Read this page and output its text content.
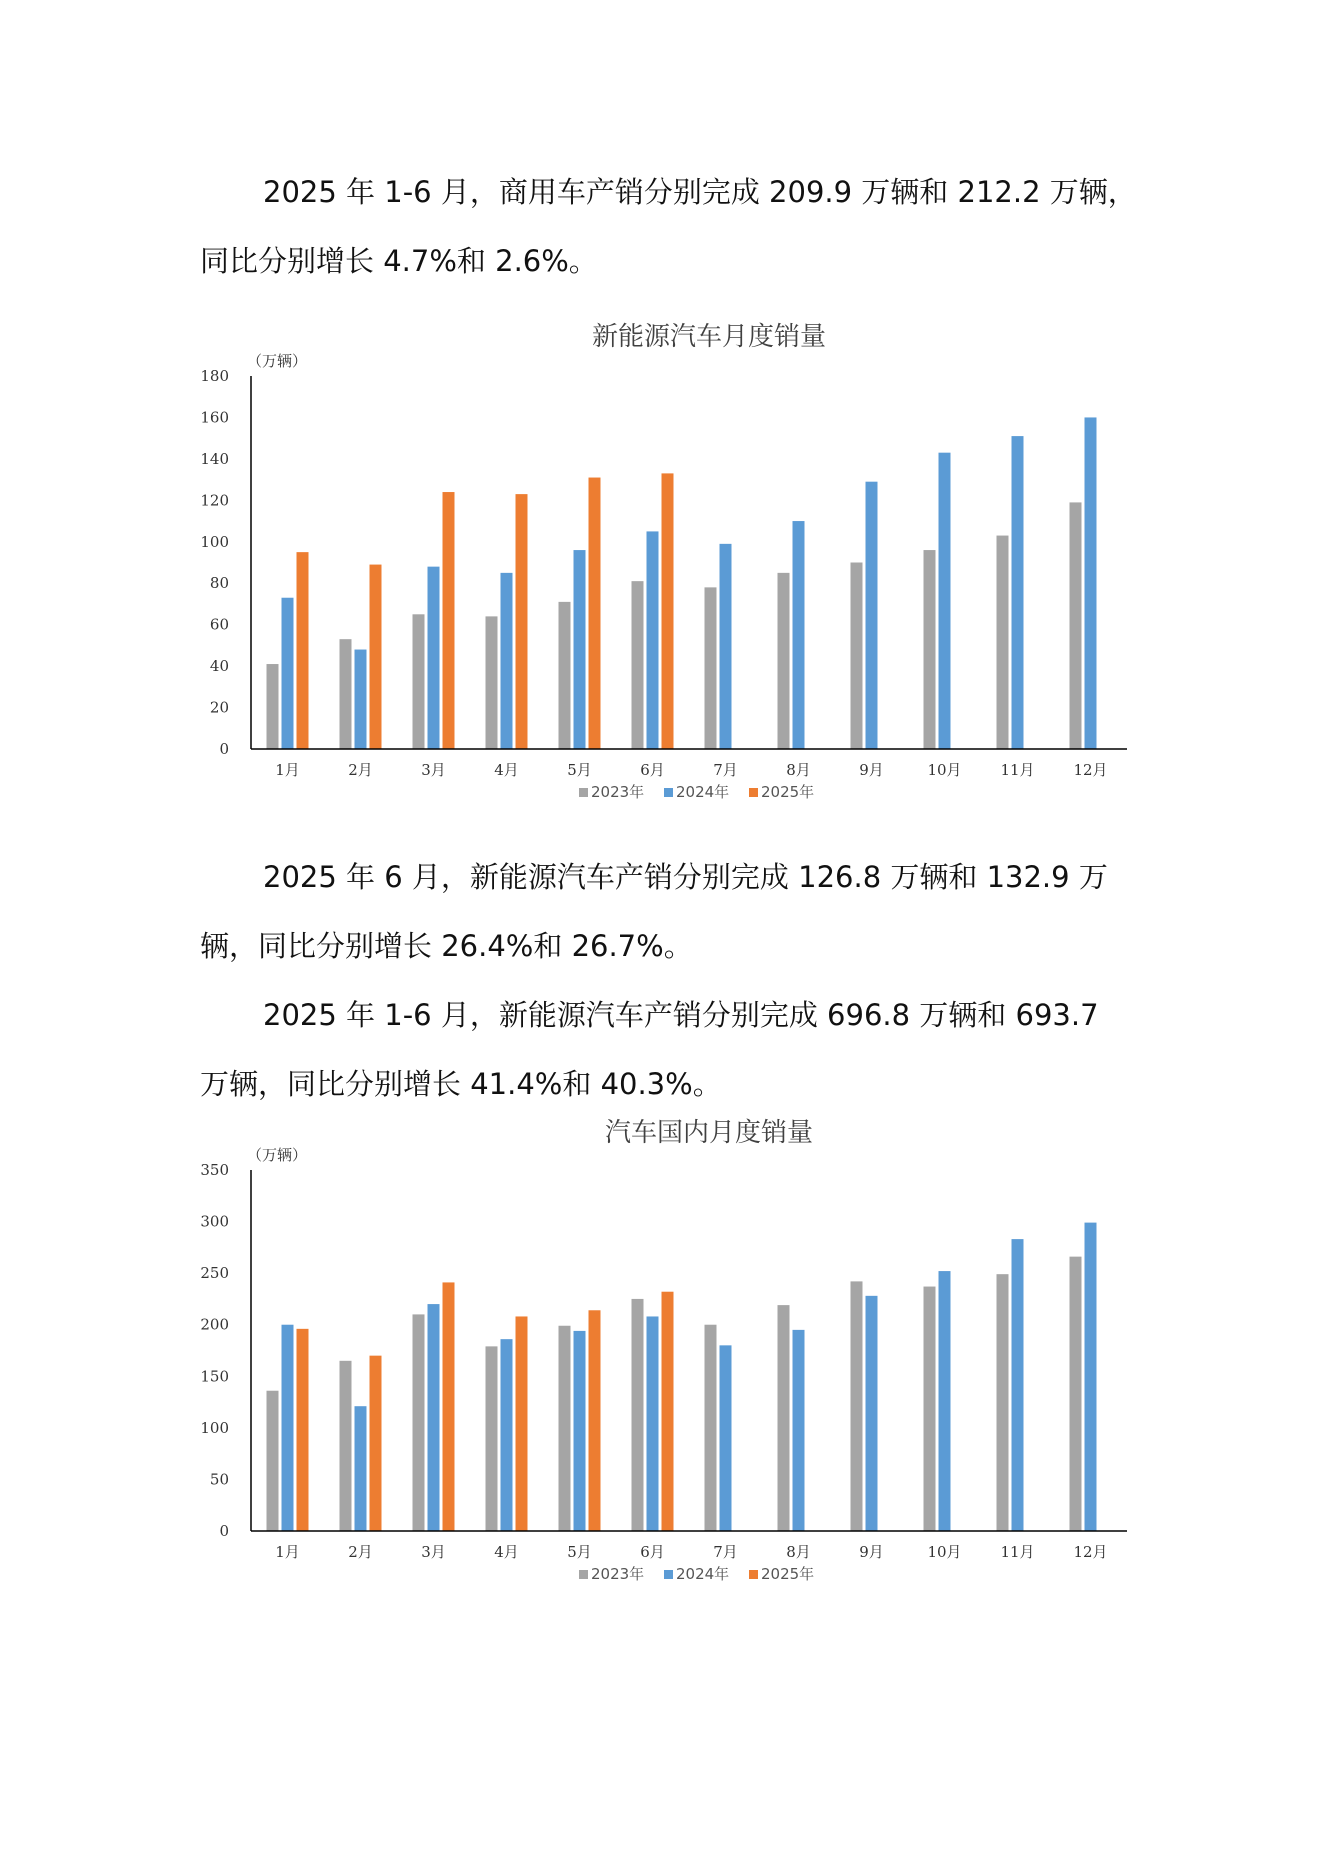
2025 年 1-6 月，商用车产销分别完成 209.9 万辆和 212.2 万辆，
同比分别增长 4.7%和 2.6%。
新能源汽车月度销量
（万辆）
0
20
40
60
80
100
120
140
160
180
1月	2月	3月	4月	5月	6月	7月	8月	9月	10月	11月	12月
2023年 2024年 2025年
2025 年 6 月，新能源汽车产销分别完成 126.8 万辆和 132.9 万
辆，同比分别增长 26.4%和 26.7%。
2025 年 1-6 月，新能源汽车产销分别完成 696.8 万辆和 693.7
万辆，同比分别增长 41.4%和 40.3%。
汽车国内月度销量
（万辆）
0
50
100
150
200
250
300
350
1月	2月	3月	4月	5月	6月	7月	8月	9月	10月	11月	12月
2023年 2024年 2025年
